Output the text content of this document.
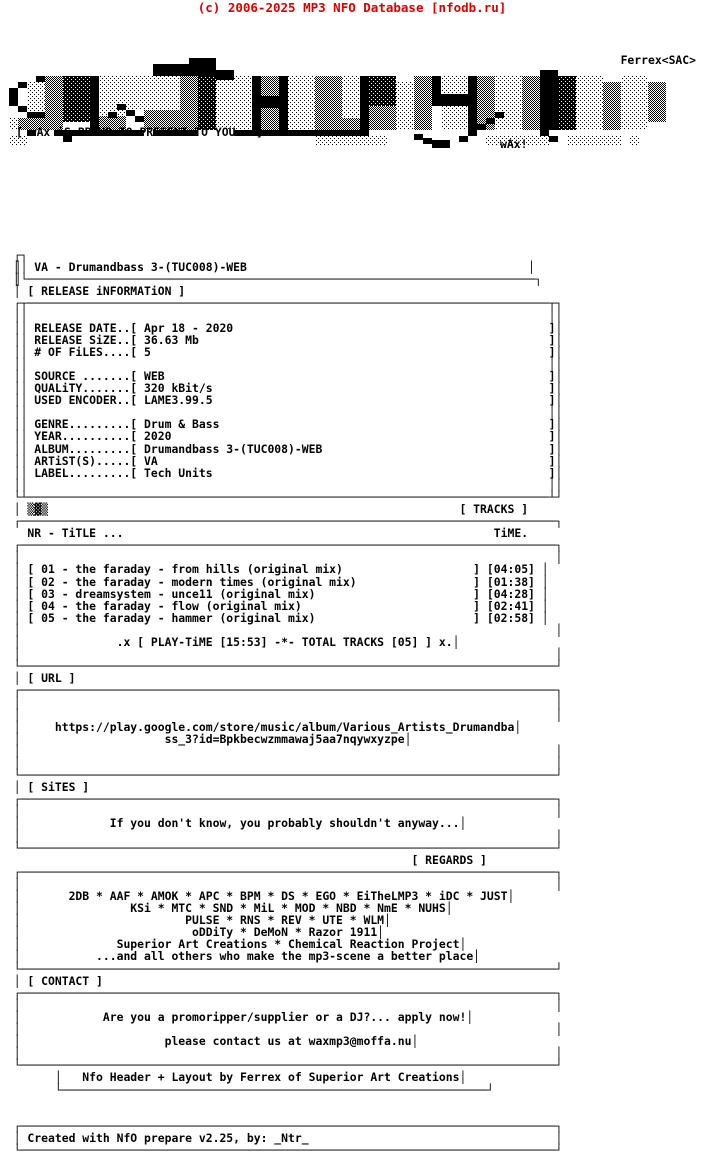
(c) 2006-2025 MP3 NFO Database [nfodb.ru]

Ferrex<SAC>

[ wAx iS PROUD TO PRESENT TO YOU ..]

wAx!

┌┐
║│ VA - Drumandbass 3-(TUC008)-WEB                                         │
║└──────────────────────────────────────────────────────────────────────────┐
│ [ RELEASE iNFORMATiON ]
┌┬────────────────────────────────────────────────────────────────────────────┬┐
││                                                                            ││
││ RELEASE DATE..[ Apr 18 - 2020                                              ]│
││ RELEASE SiZE..[ 36.63 Mb                                                   ]│
││ # OF FiLES....[ 5                                                          ]│
││                                                                            ││
││ SOURCE .......[ WEB                                                        ]│
││ QUALiTY.......[ 320 kBit/s                                                 ]│
││ USED ENCODER..[ LAME3.99.5                                                 ]│
││                                                                            ││
││ GENRE.........[ Drum & Bass                                                ]│
││ YEAR..........[ 2020                                                       ]│
││ ALBUM.........[ Drumandbass 3-(TUC008)-WEB                                 ]│
││ ARTiST(S).....[ VA                                                         ]│
││ LABEL.........[ Tech Units                                                 ]│
││                                                                            ││
└┴────────────────────────────────────────────────────────────────────────────┴┘
│ ▒▓▒                                                            [ TRACKS ]
┌──────────────────────────────────────────────────────────────────────────────┐
NR - TiTLE ...                                                      TiME.
┌──────────────────────────────────────────────────────────────────────────────┐
│                                                                              │
│ [ 01 - the faraday - from hills (original mix)                   ] [04:05] │
│ [ 02 - the faraday - modern times (original mix)                 ] [01:38] │
│ [ 03 - dreamsystem - unce11 (original mix)                       ] [04:28] │
│ [ 04 - the faraday - flow (original mix)                         ] [02:41] │
│ [ 05 - the faraday - hammer (original mix)                       ] [02:58] │
│                                                                              │
│              .x [ PLAY-TiME [15:53] -*- TOTAL TRACKS [05] ] x.│
│                                                                              │
└──────────────────────────────────────────────────────────────────────────────┘
│ [ URL ]
┌──────────────────────────────────────────────────────────────────────────────┐
│                                                                              │
│                                                                              │
│     https://play.google.com/store/music/album/Various_Artists_Drumandba│
│                     ss_3?id=Bpkbecwzmmawaj5aa7nqywxyzpe│
│                                                                              │
│                                                                              │
└──────────────────────────────────────────────────────────────────────────────┘
│ [ SiTES ]
┌──────────────────────────────────────────────────────────────────────────────┐
│                                                                              │
│             If you don't know, you probably shouldn't anyway...│
│                                                                              │
└──────────────────────────────────────────────────────────────────────────────┘
[ REGARDS ]
┌──────────────────────────────────────────────────────────────────────────────┐
│                                                                              │
│       2DB * AAF * AMOK * APC * BPM * DS * EGO * EiTheLMP3 * iDC * JUST│
│                KSi * MTC * SND * MiL * MOD * NBD * NmE * NUHS│
│                        PULSE * RNS * REV * UTE * WLM│
│                         oDDiTy * DeMoN * Razor 1911│
│              Superior Art Creations * Chemical Reaction Project│
│           ...and all others who make the mp3-scene a better place│
└──────────────────────────────────────────────────────────────────────────────┘
│ [ CONTACT ]
┌──────────────────────────────────────────────────────────────────────────────┐
│                                                                              │
│            Are you a promoripper/supplier or a DJ?... apply now!│
│                                                                              │
│                     please contact us at waxmp3@moffa.nu│
│                                                                              │
└──────────────────────────────────────────────────────────────────────────────┘
│   Nfo Header + Layout by Ferrex of Superior Art Creations│
└──────────────────────────────────────────────────────────────┘
┌──────────────────────────────────────────────────────────────────────────────┐
│ Created with NfO prepare v2.25, by: _Ntr_                                    │
└──────────────────────────────────────────────────────────────────────────────┘
